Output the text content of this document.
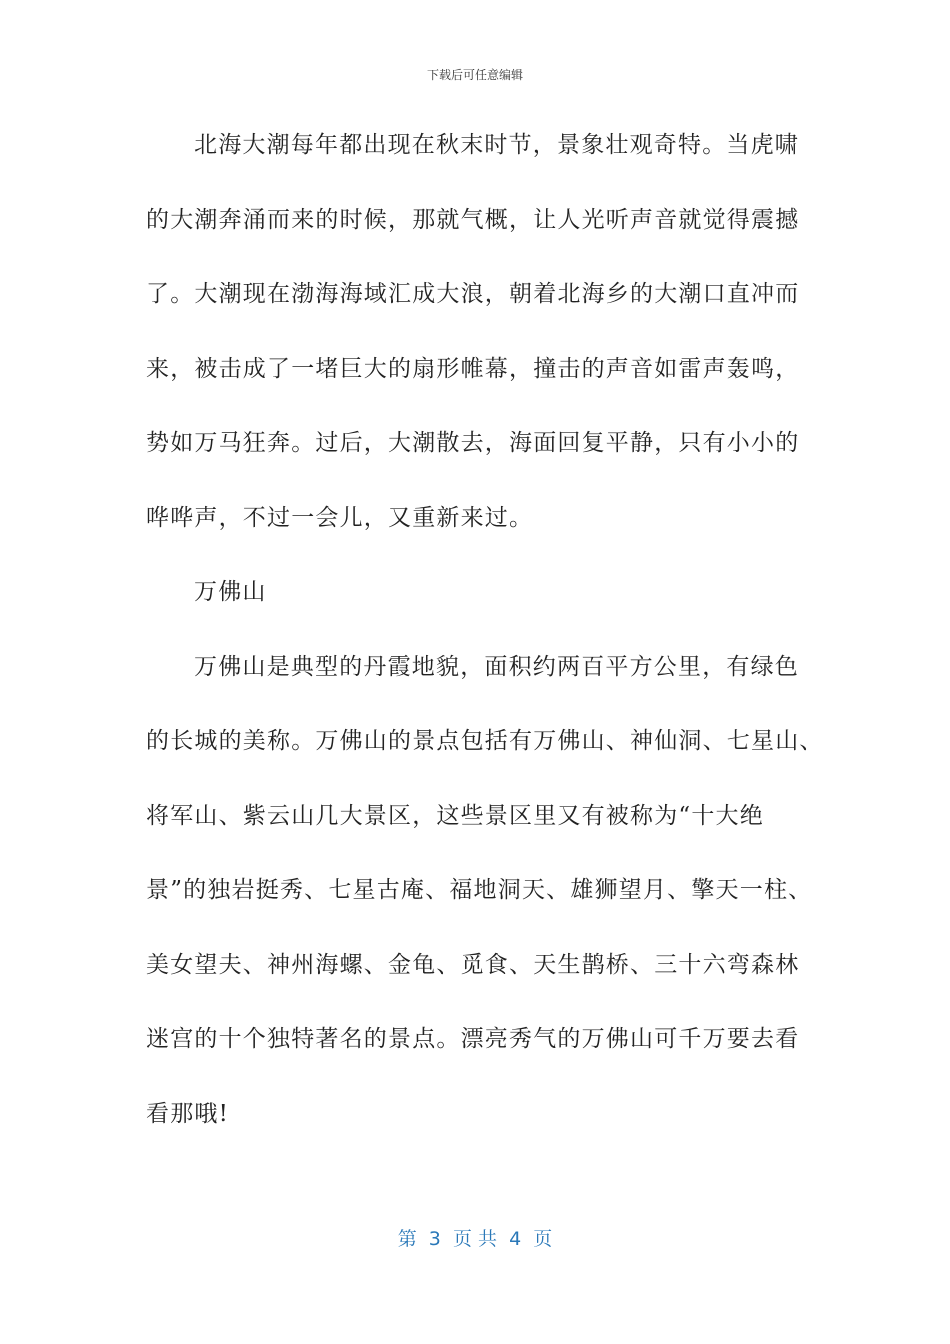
下载后可任意编辑
北海大潮每年都出现在秋末时节，景象壮观奇特。当虎啸
的大潮奔涌而来的时候，那就气概，让人光听声音就觉得震撼
了。大潮现在渤海海域汇成大浪，朝着北海乡的大潮口直冲而
来，被击成了一堵巨大的扇形帷幕，撞击的声音如雷声轰鸣，
势如万马狂奔。过后，大潮散去，海面回复平静，只有小小的
哗哗声，不过一会儿，又重新来过。
万佛山
万佛山是典型的丹霞地貌，面积约两百平方公里，有绿色
的长城的美称。万佛山的景点包括有万佛山、神仙洞、七星山、
将军山、紫云山几大景区，这些景区里又有被称为“十大绝
景”的独岩挺秀、七星古庵、福地洞天、雄狮望月、擎天一柱、
美女望夫、神州海螺、金龟、觅食、天生鹊桥、三十六弯森林
迷宫的十个独特著名的景点。漂亮秀气的万佛山可千万要去看
看那哦!
第  3  页 共  4  页
